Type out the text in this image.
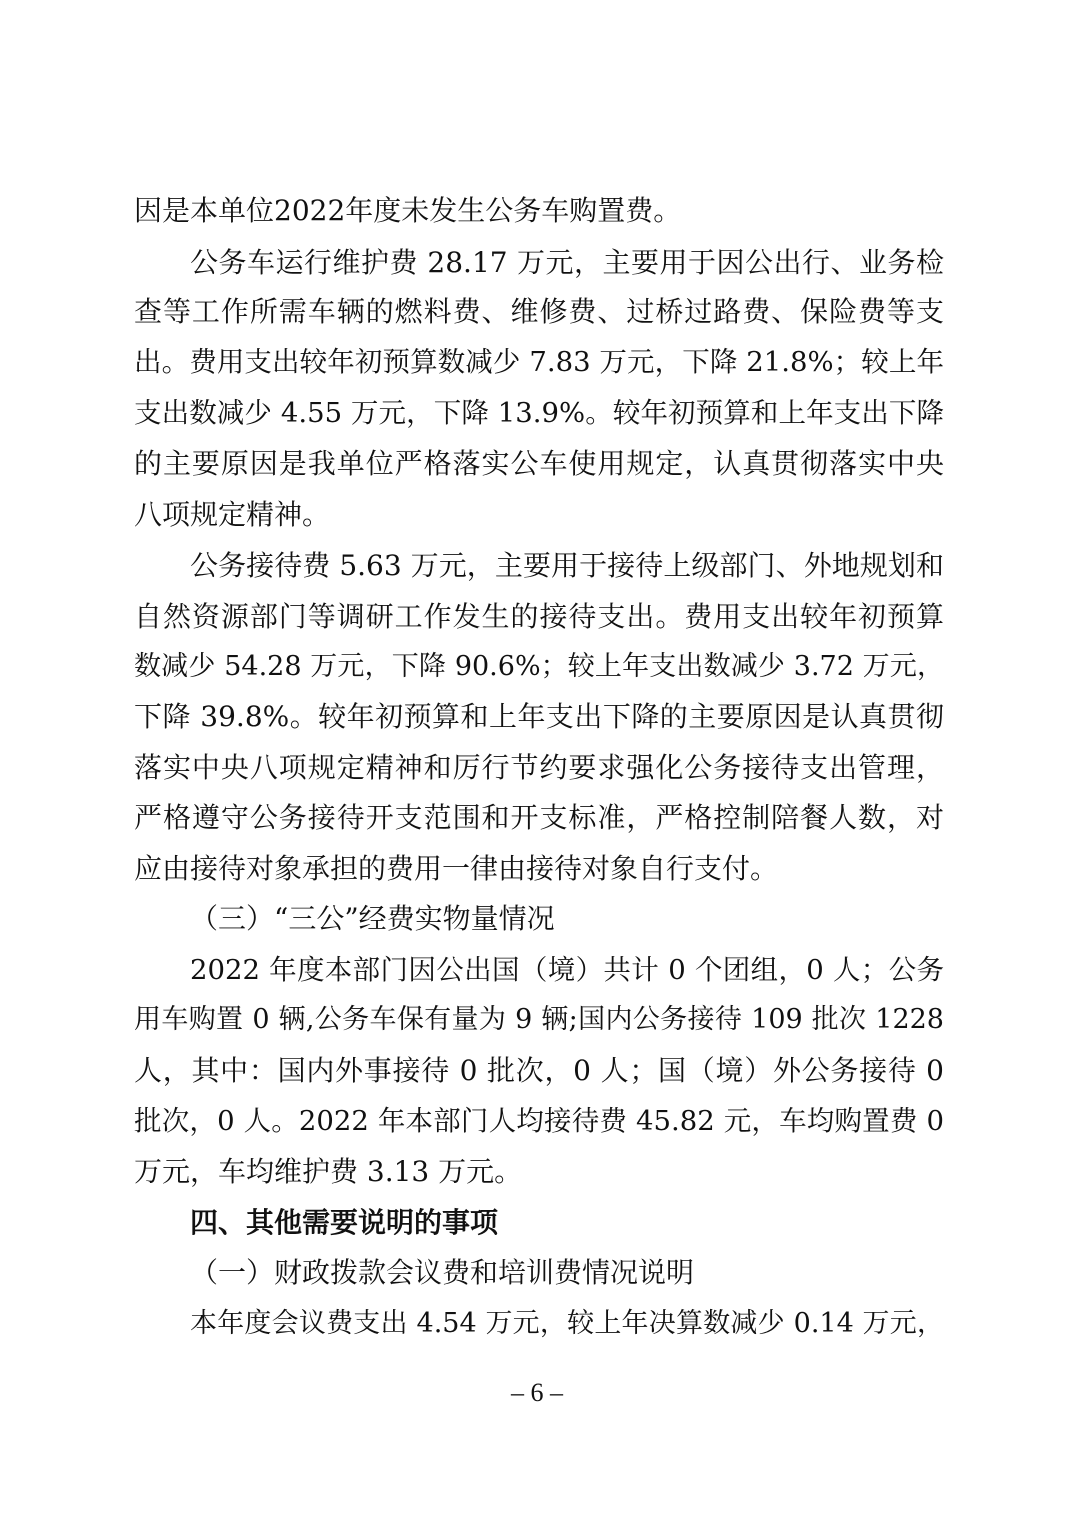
因是本单位2022年度未发生公务车购置费。
公务车运行维护费 28.17 万元，主要用于因公出行、业务检
查等工作所需车辆的燃料费、维修费、过桥过路费、保险费等支
出。费用支出较年初预算数减少 7.83 万元，下降 21.8%；较上年
支出数减少 4.55 万元，下降 13.9%。较年初预算和上年支出下降
的主要原因是我单位严格落实公车使用规定，认真贯彻落实中央
八项规定精神。
公务接待费 5.63 万元，主要用于接待上级部门、外地规划和
自然资源部门等调研工作发生的接待支出。费用支出较年初预算
数减少 54.28 万元，下降 90.6%；较上年支出数减少 3.72 万元，
下降 39.8%。较年初预算和上年支出下降的主要原因是认真贯彻
落实中央八项规定精神和厉行节约要求强化公务接待支出管理，
严格遵守公务接待开支范围和开支标准，严格控制陪餐人数，对
应由接待对象承担的费用一律由接待对象自行支付。
（三）“三公”经费实物量情况
2022 年度本部门因公出国（境）共计 0 个团组，0 人；公务
用车购置 0 辆,公务车保有量为 9 辆;国内公务接待 109 批次 1228
人，其中：国内外事接待 0 批次，0 人；国（境）外公务接待 0
批次，0 人。2022 年本部门人均接待费 45.82 元，车均购置费 0
万元，车均维护费 3.13 万元。
四、其他需要说明的事项
（一）财政拨款会议费和培训费情况说明
本年度会议费支出 4.54 万元，较上年决算数减少 0.14 万元，
– 6 –
